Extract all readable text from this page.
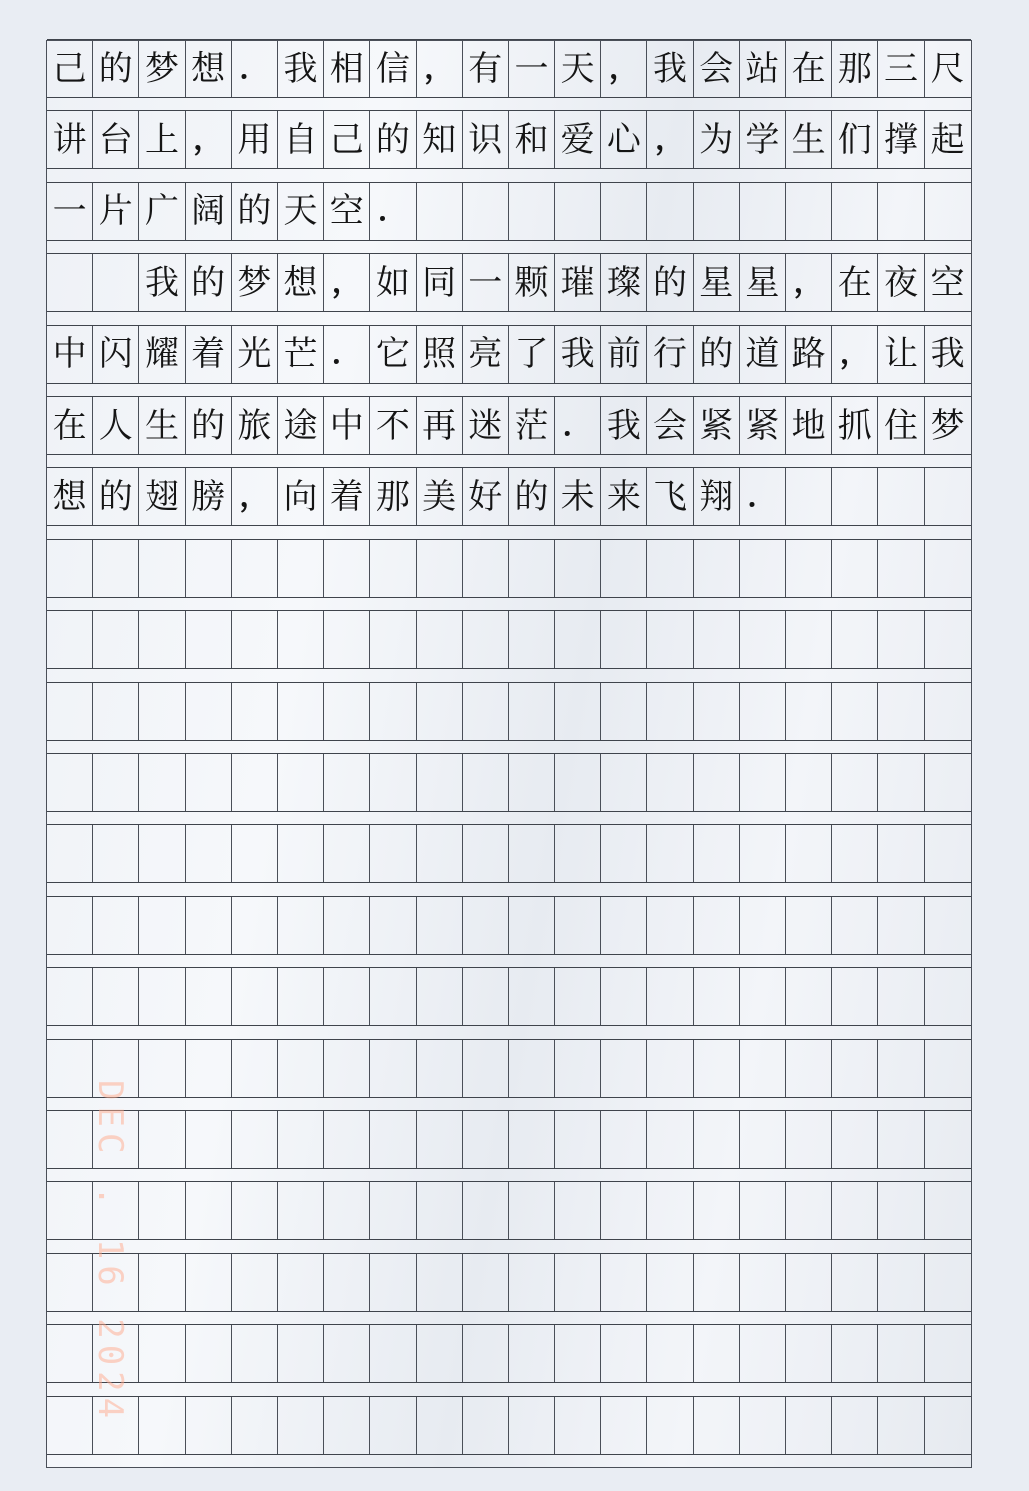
己 的 梦 想 ． 我 相 信 ， 有 一 天 ， 我 会 站 在 那 三 尺
讲 台 上 ， 用 自 己 的 知 识 和 爱 心 ， 为 学 生 们 撑 起
一 片 广 阔 的 天 空 ．
我 的 梦 想 ， 如 同 一 颗 璀 璨 的 星 星 ， 在 夜 空
中 闪 耀 着 光 芒 ． 它 照 亮 了 我 前 行 的 道 路 ， 让 我
在 人 生 的 旅 途 中 不 再 迷 茫 ． 我 会 紧 紧 地 抓 住 梦
想 的 翅 膀 ， 向 着 那 美 好 的 未 来 飞 翔 ．
DEC . 16 2024
